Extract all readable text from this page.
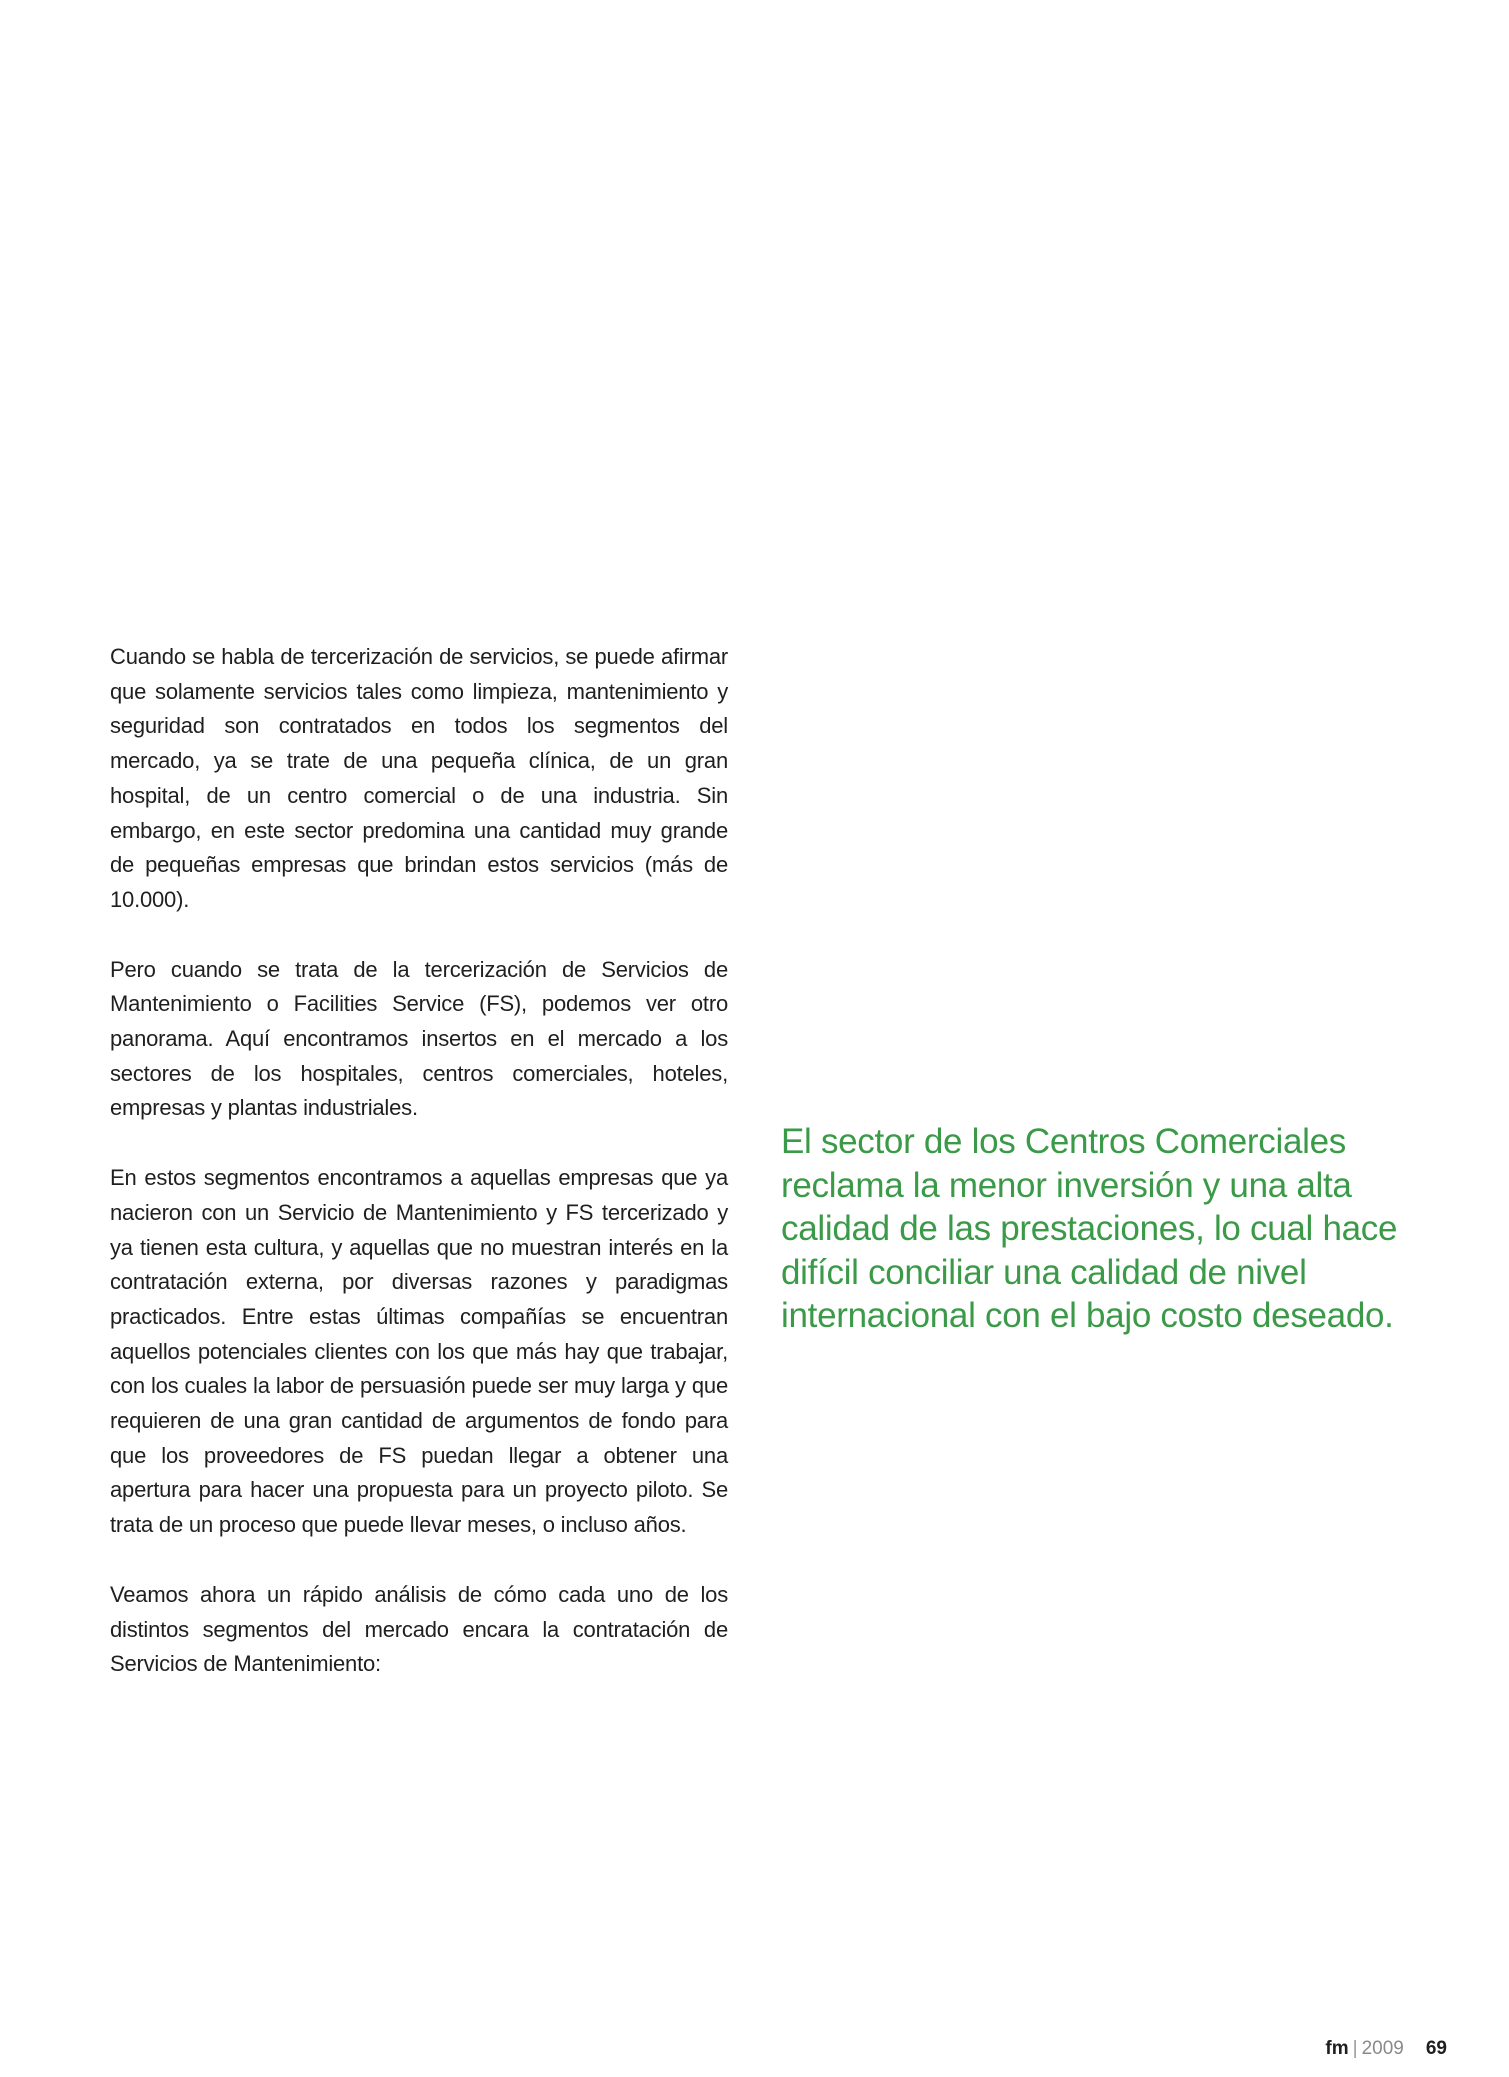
Cuando se habla de tercerización de servicios, se puede afirmar que solamente servicios tales como limpieza, mantenimiento y seguridad son contratados en todos los segmentos del mercado, ya se trate de una pequeña clínica, de un gran hospital, de un centro comercial o de una industria. Sin embargo, en este sector predomina una cantidad muy grande de pequeñas empresas que brindan estos servicios (más de 10.000).

Pero cuando se trata de la tercerización de Servicios de Mantenimiento o Facilities Service (FS), podemos ver otro panorama. Aquí encontramos insertos en el mercado a los sectores de los hospitales, centros comerciales, hoteles, empresas y plantas industriales.

En estos segmentos encontramos a aquellas empresas que ya nacieron con un Servicio de Mantenimiento y FS tercerizado y ya tienen esta cultura, y aquellas que no muestran interés en la contratación externa, por diversas razones y paradigmas practicados. Entre estas últimas compañías se encuentran aquellos potenciales clientes con los que más hay que trabajar, con los cuales la labor de persuasión puede ser muy larga y que requieren de una gran cantidad de argumentos de fondo para que los proveedores de FS puedan llegar a obtener una apertura para hacer una propuesta para un proyecto piloto. Se trata de un proceso que puede llevar meses, o incluso años.

Veamos ahora un rápido análisis de cómo cada uno de los distintos segmentos del mercado encara la contratación de Servicios de Mantenimiento:

El sector de los Centros Comerciales reclama la menor inversión y una alta calidad de las prestaciones, lo cual hace difícil conciliar una calidad de nivel internacional con el bajo costo deseado.

fm | 2009 69
